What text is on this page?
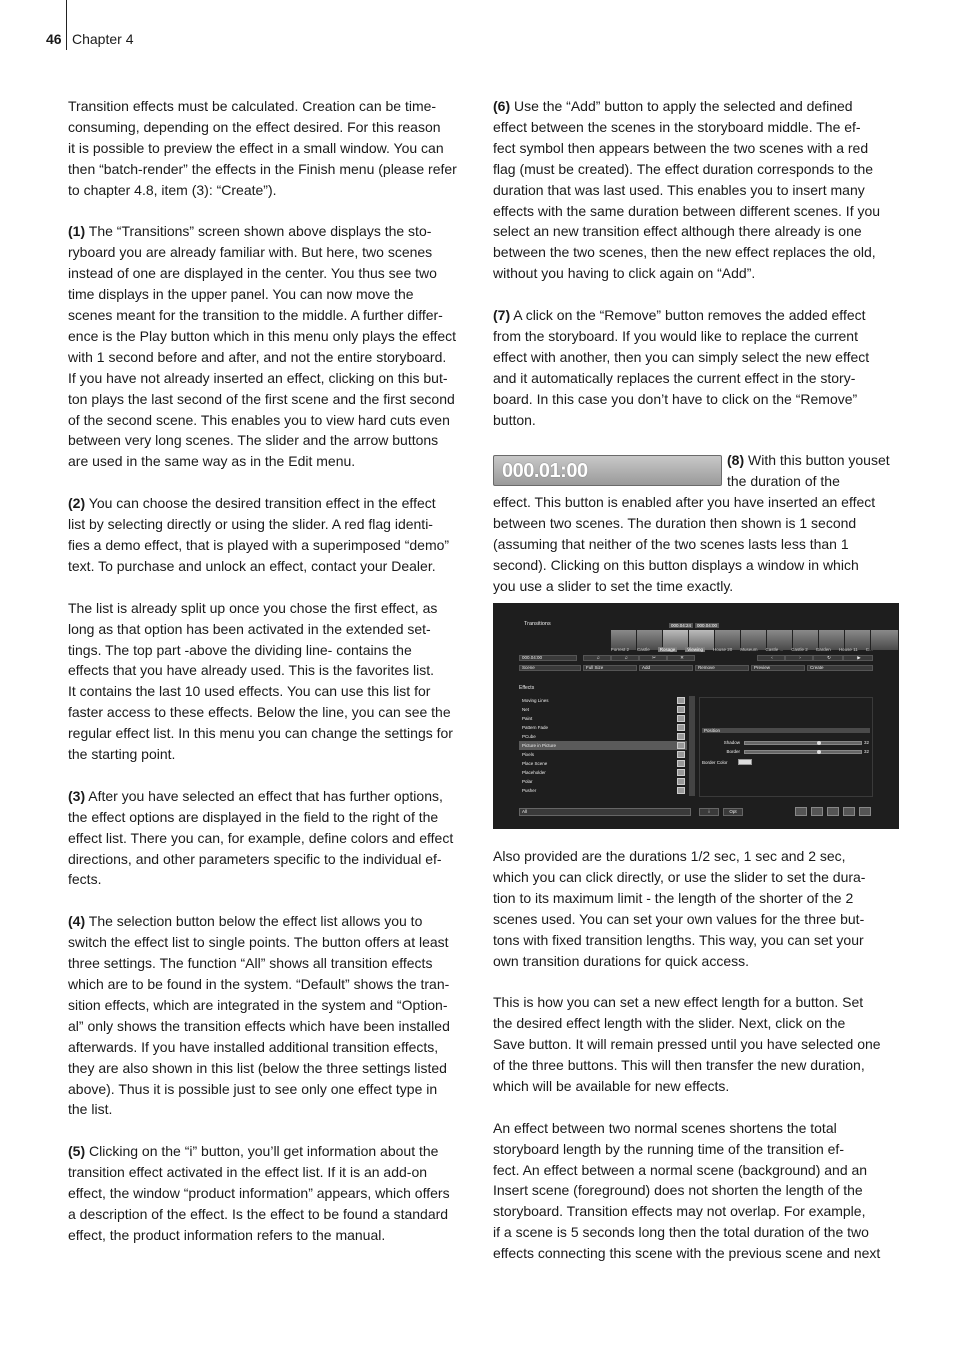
46 Chapter 4

Transition effects must be calculated. Creation can be time-
consuming, depending on the effect desired. For this reason
it is possible to preview the effect in a small window. You can
then “batch-render” the effects in the Finish menu (please refer
to chapter 4.8, item (3): “Create”).

(1) The “Transitions” screen shown above displays the sto-
ryboard you are already familiar with. But here, two scenes
instead of one are displayed in the center. You thus see two
time displays in the upper panel. You can now move the
scenes meant for the transition to the middle. A further differ-
ence is the Play button which in this menu only plays the effect
with 1 second before and after, and not the entire storyboard.
If you have not already inserted an effect, clicking on this but-
ton plays the last second of the first scene and the first second
of the second scene. This enables you to view hard cuts even
between very long scenes. The slider and the arrow buttons
are used in the same way as in the Edit menu.

(2) You can choose the desired transition effect in the effect
list by selecting directly or using the slider. A red flag identi-
fies a demo effect, that is played with a superimposed “demo”
text. To purchase and unlock an effect, contact your Dealer.

The list is already split up once you chose the first effect, as
long as that option has been activated in the extended set-
tings. The top part -above the dividing line- contains the
effects that you have already used. This is the favorites list.
It contains the last 10 used effects. You can use this list for
faster access to these effects. Below the line, you can see the
regular effect list. In this menu you can change the settings for
the starting point.

(3) After you have selected an effect that has further options,
the effect options are displayed in the field to the right of the
effect list. There you can, for example, define colors and effect
directions, and other parameters specific to the individual ef-
fects.

(4) The selection button below the effect list allows you to
switch the effect list to single points. The button offers at least
three settings. The function “All” shows all transition effects
which are to be found in the system. “Default” shows the tran-
sition effects, which are integrated in the system and “Option-
al” only shows the transition effects which have been installed
afterwards. If you have installed additional transition effects,
they are also shown in this list (below the three settings listed
above). Thus it is possible just to see only one effect type in
the list.

(5) Clicking on the “i” button, you’ll get information about the
transition effect activated in the effect list. If it is an add-on
effect, the window “product information” appears, which offers
a description of the effect. Is the effect to be found a standard
effect, the product information refers to the manual.

(6) Use the “Add” button to apply the selected and defined
effect between the scenes in the storyboard middle. The ef-
fect symbol then appears between the two scenes with a red
flag (must be created). The effect duration corresponds to the
duration that was last used. This enables you to insert many
effects with the same duration between different scenes. If you
select an new transition effect although there already is one
between the two scenes, then the new effect replaces the old,
without you having to click again on “Add”.

(7) A click on the “Remove” button removes the added effect
from the storyboard. If you would like to replace the current
effect with another, then you can simply select the new effect
and it automatically replaces the current effect in the story-
board. In this case you don’t have to click on the “Remove”
button.

000.01:00	(8) With this button youset the duration of the

effect. This button is enabled after you have inserted an effect
between two scenes. The duration then shown is 1 second
(assuming that neither of the two scenes lasts less than 1
second). Clicking on this button displays a window in which
you use a slider to set the time exactly.

Transitions	000.04:24 000.04:00
Forrest 2 Castle Rosage	Viewing House 20 Museum Castle ... Castle 2 Garden House 11 C...
000.04:00	♫	♫	✂	✕	‹	›	↻	▶
Scene	Full Size	Add	Remove	Preview	Create
Effects
Moving Lines
Net
Paint
Pattern Fade
PCube
Picture in Picture
Pixels
Place Scene
Placeholder
Polar
Pusher
Position
Shadow	32
Border	32
Border Color
All	i	Opt

Also provided are the durations 1/2 sec, 1 sec and 2 sec,
which you can click directly, or use the slider to set the dura-
tion to its maximum limit - the length of the shorter of the 2
scenes used. You can set your own values for the three but-
tons with fixed transition lengths. This way, you can set your
own transition durations for quick access.

This is how you can set a new effect length for a button. Set
the desired effect length with the slider. Next, click on the
Save button. It will remain pressed until you have selected one
of the three buttons. This will then transfer the new duration,
which will be available for new effects.

An effect between two normal scenes shortens the total
storyboard length by the running time of the transition ef-
fect. An effect between a normal scene (background) and an
Insert scene (foreground) does not shorten the length of the
storyboard. Transition effects may not overlap. For example,
if a scene is 5 seconds long then the total duration of the two
effects connecting this scene with the previous scene and next
